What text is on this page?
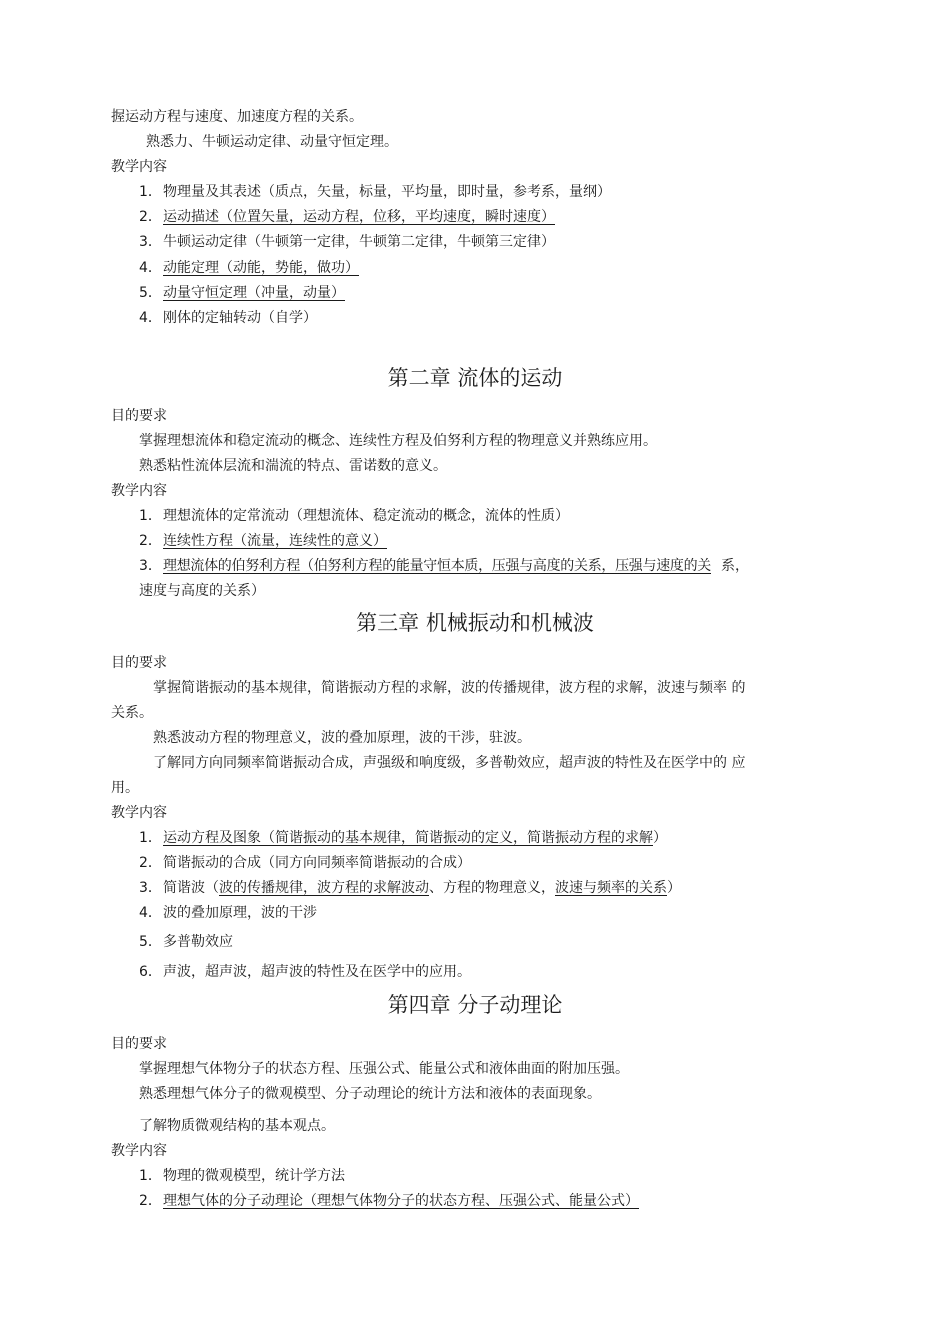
握运动方程与速度、加速度方程的关系。
熟悉力、牛顿运动定律、动量守恒定理。
教学内容
1．物理量及其表述（质点，矢量，标量，平均量，即时量，参考系，量纲）
2．运动描述（位置矢量，运动方程，位移，平均速度，瞬时速度）
3．牛顿运动定律（牛顿第一定律，牛顿第二定律，牛顿第三定律）
4．动能定理（动能，势能，做功）
5．动量守恒定理（冲量，动量）
4．刚体的定轴转动（自学）
第二章 流体的运动
目的要求
掌握理想流体和稳定流动的概念、连续性方程及伯努利方程的物理意义并熟练应用。
熟悉粘性流体层流和湍流的特点、雷诺数的意义。
教学内容
1．理想流体的定常流动（理想流体、稳定流动的概念，流体的性质）
2．连续性方程（流量，连续性的意义）
3．理想流体的伯努利方程（伯努利方程的能量守恒本质，压强与高度的关系，压强与速度的关 系，
速度与高度的关系）
第三章 机械振动和机械波
目的要求
掌握简谐振动的基本规律，简谐振动方程的求解，波的传播规律，波方程的求解，波速与频率 的
关系。
熟悉波动方程的物理意义，波的叠加原理，波的干涉，驻波。
了解同方向同频率简谐振动合成，声强级和响度级，多普勒效应，超声波的特性及在医学中的 应
用。
教学内容
1．运动方程及图象（简谐振动的基本规律，简谐振动的定义，简谐振动方程的求解）
2．简谐振动的合成（同方向同频率简谐振动的合成）
3．简谐波（波的传播规律，波方程的求解波动、方程的物理意义，波速与频率的关系）
4．波的叠加原理，波的干涉
5．多普勒效应
6．声波，超声波，超声波的特性及在医学中的应用。
第四章 分子动理论
目的要求
掌握理想气体物分子的状态方程、压强公式、能量公式和液体曲面的附加压强。
熟悉理想气体分子的微观模型、分子动理论的统计方法和液体的表面现象。
了解物质微观结构的基本观点。
教学内容
1．物理的微观模型，统计学方法
2．理想气体的分子动理论（理想气体物分子的状态方程、压强公式、能量公式）
